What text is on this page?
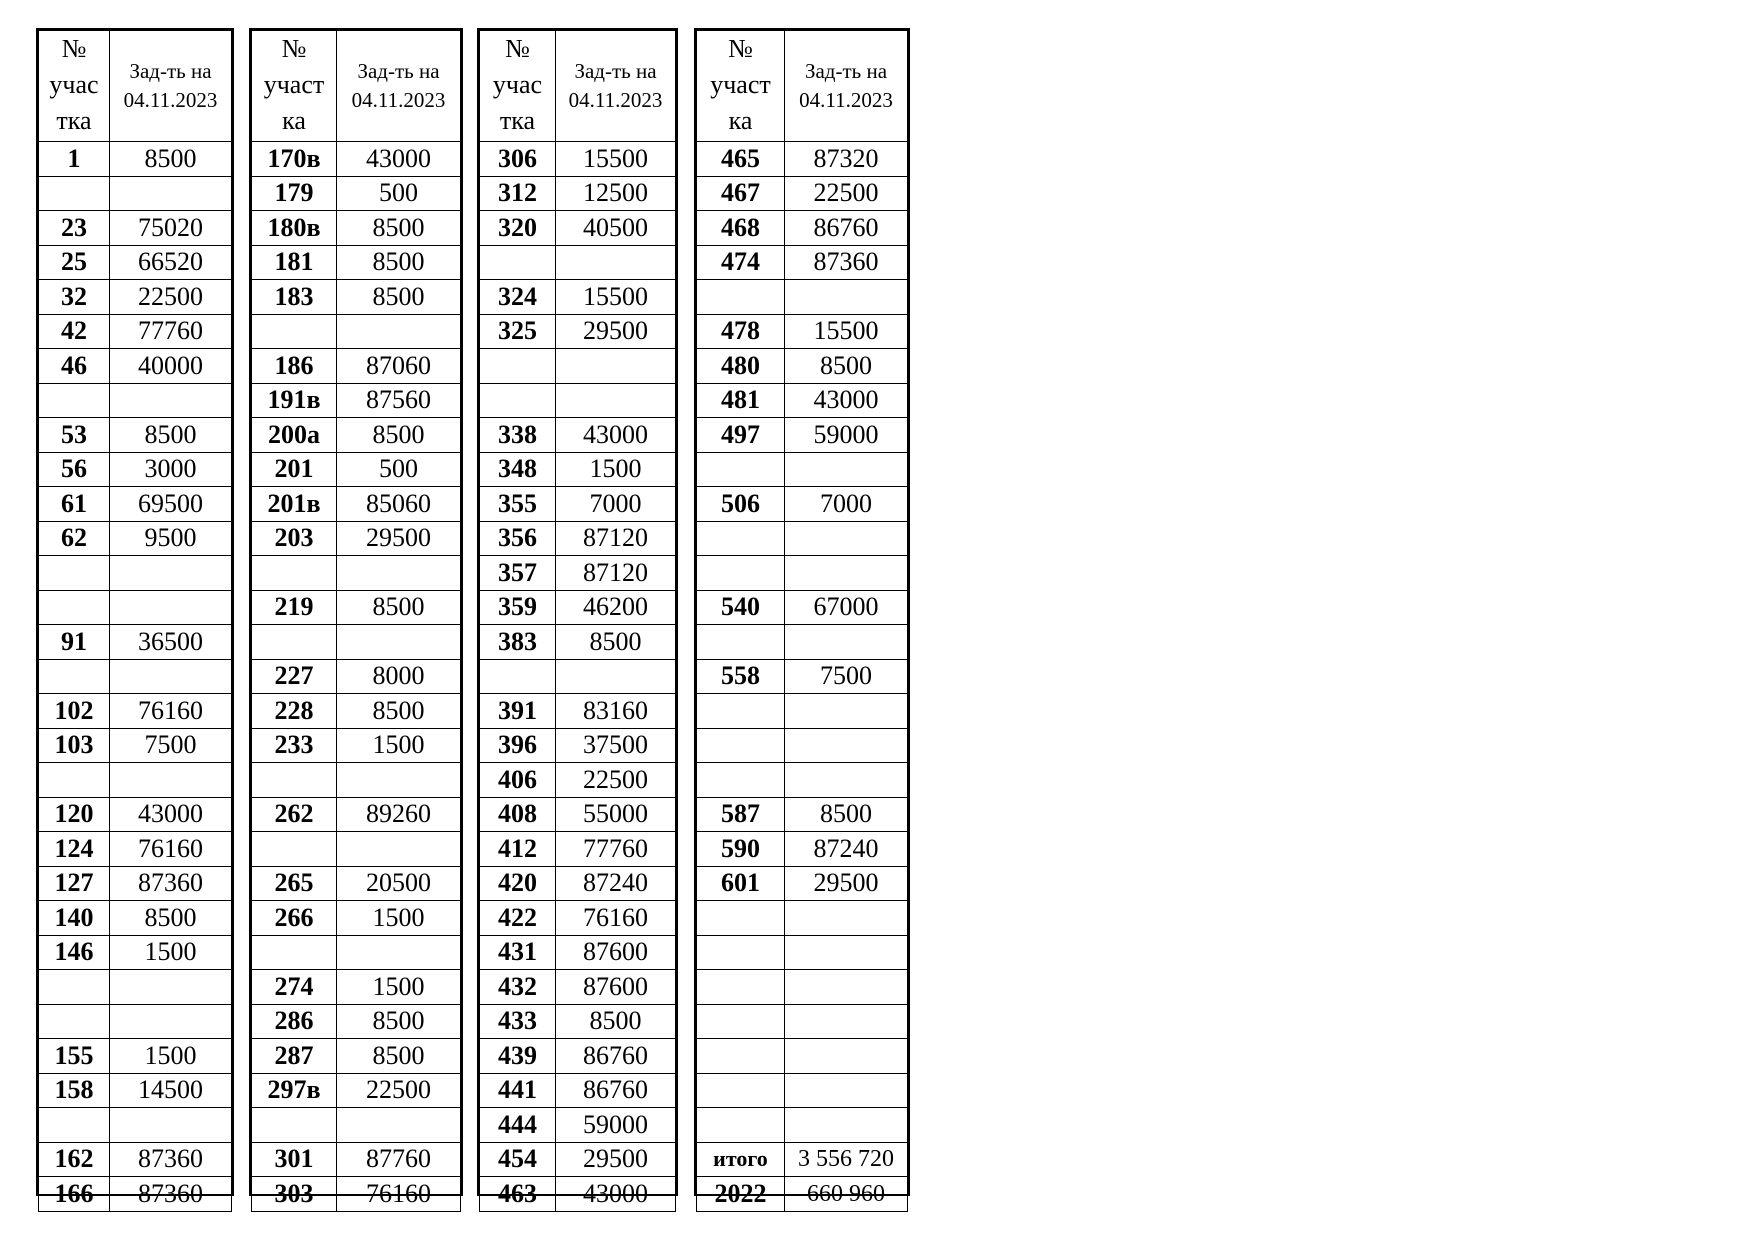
№
учас
тка	Зад-ть на
04.11.2023

1	8500

23	75020
25	66520
32	22500
42	77760
46	40000

53	8500
56	3000
61	69500
62	9500

91	36500

102	76160
103	7500

120	43000
124	76160
127	87360
140	8500
146	1500

155	1500
158	14500

162	87360
166	87360
№
участ
ка	Зад-ть на
04.11.2023

170в	43000
179	500
180в	8500
181	8500
183	8500

186	87060
191в	87560
200а	8500
201	500
201в	85060
203	29500

219	8500

227	8000
228	8500
233	1500

262	89260

265	20500
266	1500

274	1500
286	8500
287	8500
297в	22500

301	87760
303	76160
№
учас
тка	Зад-ть на
04.11.2023

306	15500
312	12500
320	40500

324	15500
325	29500

338	43000
348	1500
355	7000
356	87120
357	87120
359	46200
383	8500

391	83160
396	37500
406	22500
408	55000
412	77760
420	87240
422	76160
431	87600
432	87600
433	8500
439	86760
441	86760
444	59000
454	29500
463	43000
№
участ
ка	Зад-ть на
04.11.2023

465	87320
467	22500
468	86760
474	87360

478	15500
480	8500
481	43000
497	59000

506	7000

540	67000

558	7500

587	8500
590	87240
601	29500

итого	3 556 720
2022	660 960
